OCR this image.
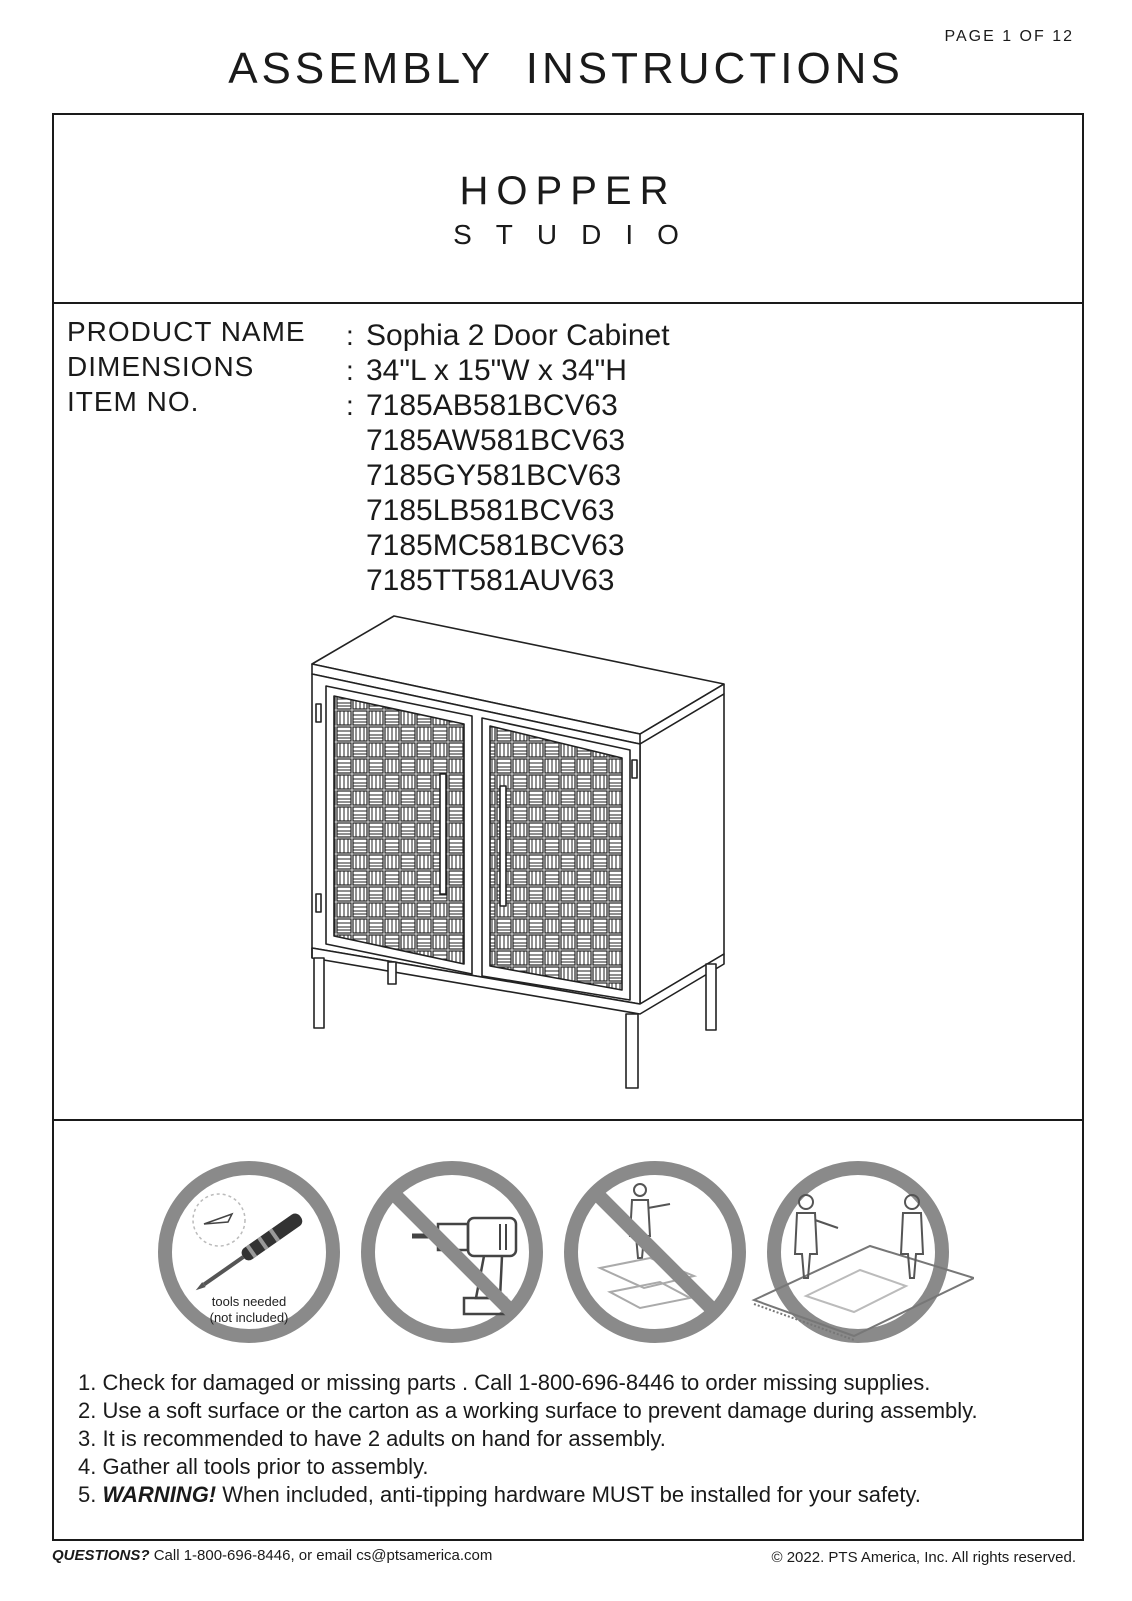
PAGE 1 OF 12
ASSEMBLY  INSTRUCTIONS
HOPPER
STUDIO
PRODUCT NAME
DIMENSIONS
ITEM NO.
:
:
:
Sophia 2 Door Cabinet
34"L x 15"W x 34"H
7185AB581BCV63
7185AW581BCV63
7185GY581BCV63
7185LB581BCV63
7185MC581BCV63
7185TT581AUV63
tools needed
(not included)
1. Check for damaged or missing parts . Call 1-800-696-8446 to order missing supplies.
2. Use a soft surface or the carton as a working surface to prevent damage during assembly.
3. It is recommended to have 2 adults on hand for assembly.
4. Gather all tools prior to assembly.
5. WARNING! When included, anti-tipping hardware MUST be installed for your safety.
QUESTIONS? Call 1-800-696-8446, or email cs@ptsamerica.com	© 2022. PTS America, Inc. All rights reserved.
